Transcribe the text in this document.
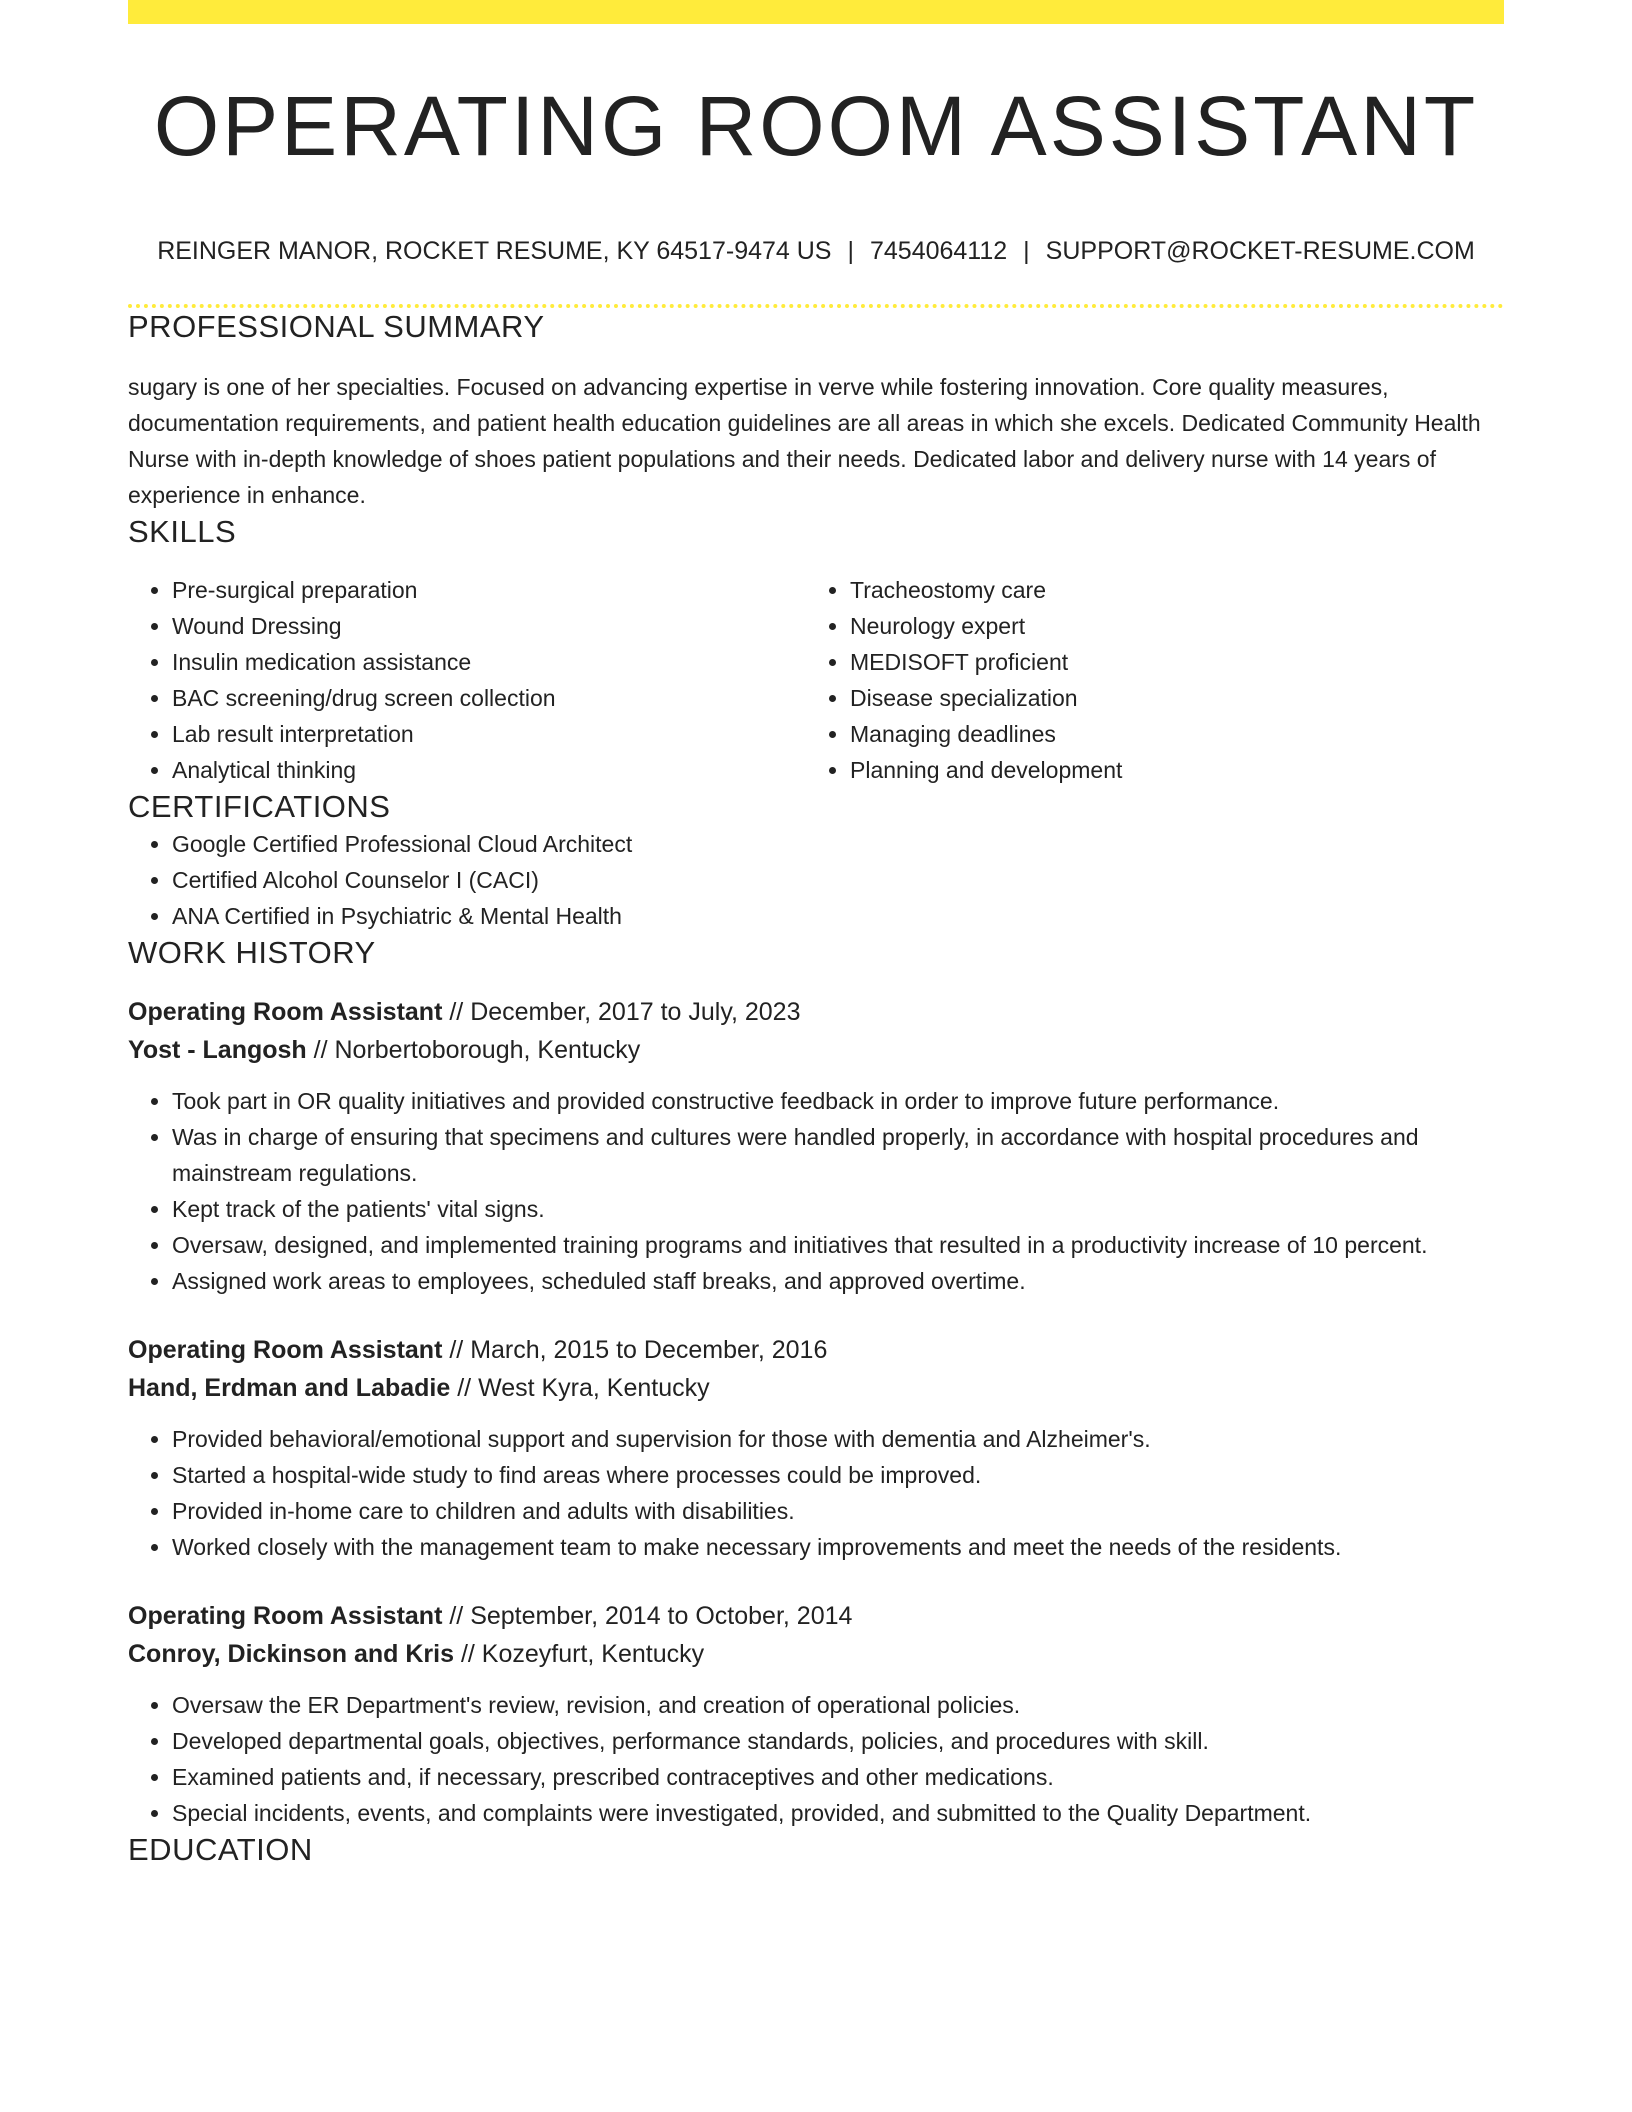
OPERATING ROOM ASSISTANT
REINGER MANOR, ROCKET RESUME, KY 64517-9474 US | 7454064112 | SUPPORT@ROCKET-RESUME.COM
PROFESSIONAL SUMMARY
sugary is one of her specialties. Focused on advancing expertise in verve while fostering innovation. Core quality measures, documentation requirements, and patient health education guidelines are all areas in which she excels. Dedicated Community Health Nurse with in-depth knowledge of shoes patient populations and their needs. Dedicated labor and delivery nurse with 14 years of experience in enhance.
SKILLS
• Pre-surgical preparation
• Wound Dressing
• Insulin medication assistance
• BAC screening/drug screen collection
• Lab result interpretation
• Analytical thinking
• Tracheostomy care
• Neurology expert
• MEDISOFT proficient
• Disease specialization
• Managing deadlines
• Planning and development
CERTIFICATIONS
• Google Certified Professional Cloud Architect
• Certified Alcohol Counselor I (CACI)
• ANA Certified in Psychiatric & Mental Health
WORK HISTORY
Operating Room Assistant // December, 2017 to July, 2023
Yost - Langosh // Norbertoborough, Kentucky
• Took part in OR quality initiatives and provided constructive feedback in order to improve future performance.
• Was in charge of ensuring that specimens and cultures were handled properly, in accordance with hospital procedures and mainstream regulations.
• Kept track of the patients' vital signs.
• Oversaw, designed, and implemented training programs and initiatives that resulted in a productivity increase of 10 percent.
• Assigned work areas to employees, scheduled staff breaks, and approved overtime.
Operating Room Assistant // March, 2015 to December, 2016
Hand, Erdman and Labadie // West Kyra, Kentucky
• Provided behavioral/emotional support and supervision for those with dementia and Alzheimer's.
• Started a hospital-wide study to find areas where processes could be improved.
• Provided in-home care to children and adults with disabilities.
• Worked closely with the management team to make necessary improvements and meet the needs of the residents.
Operating Room Assistant // September, 2014 to October, 2014
Conroy, Dickinson and Kris // Kozeyfurt, Kentucky
• Oversaw the ER Department's review, revision, and creation of operational policies.
• Developed departmental goals, objectives, performance standards, policies, and procedures with skill.
• Examined patients and, if necessary, prescribed contraceptives and other medications.
• Special incidents, events, and complaints were investigated, provided, and submitted to the Quality Department.
EDUCATION
